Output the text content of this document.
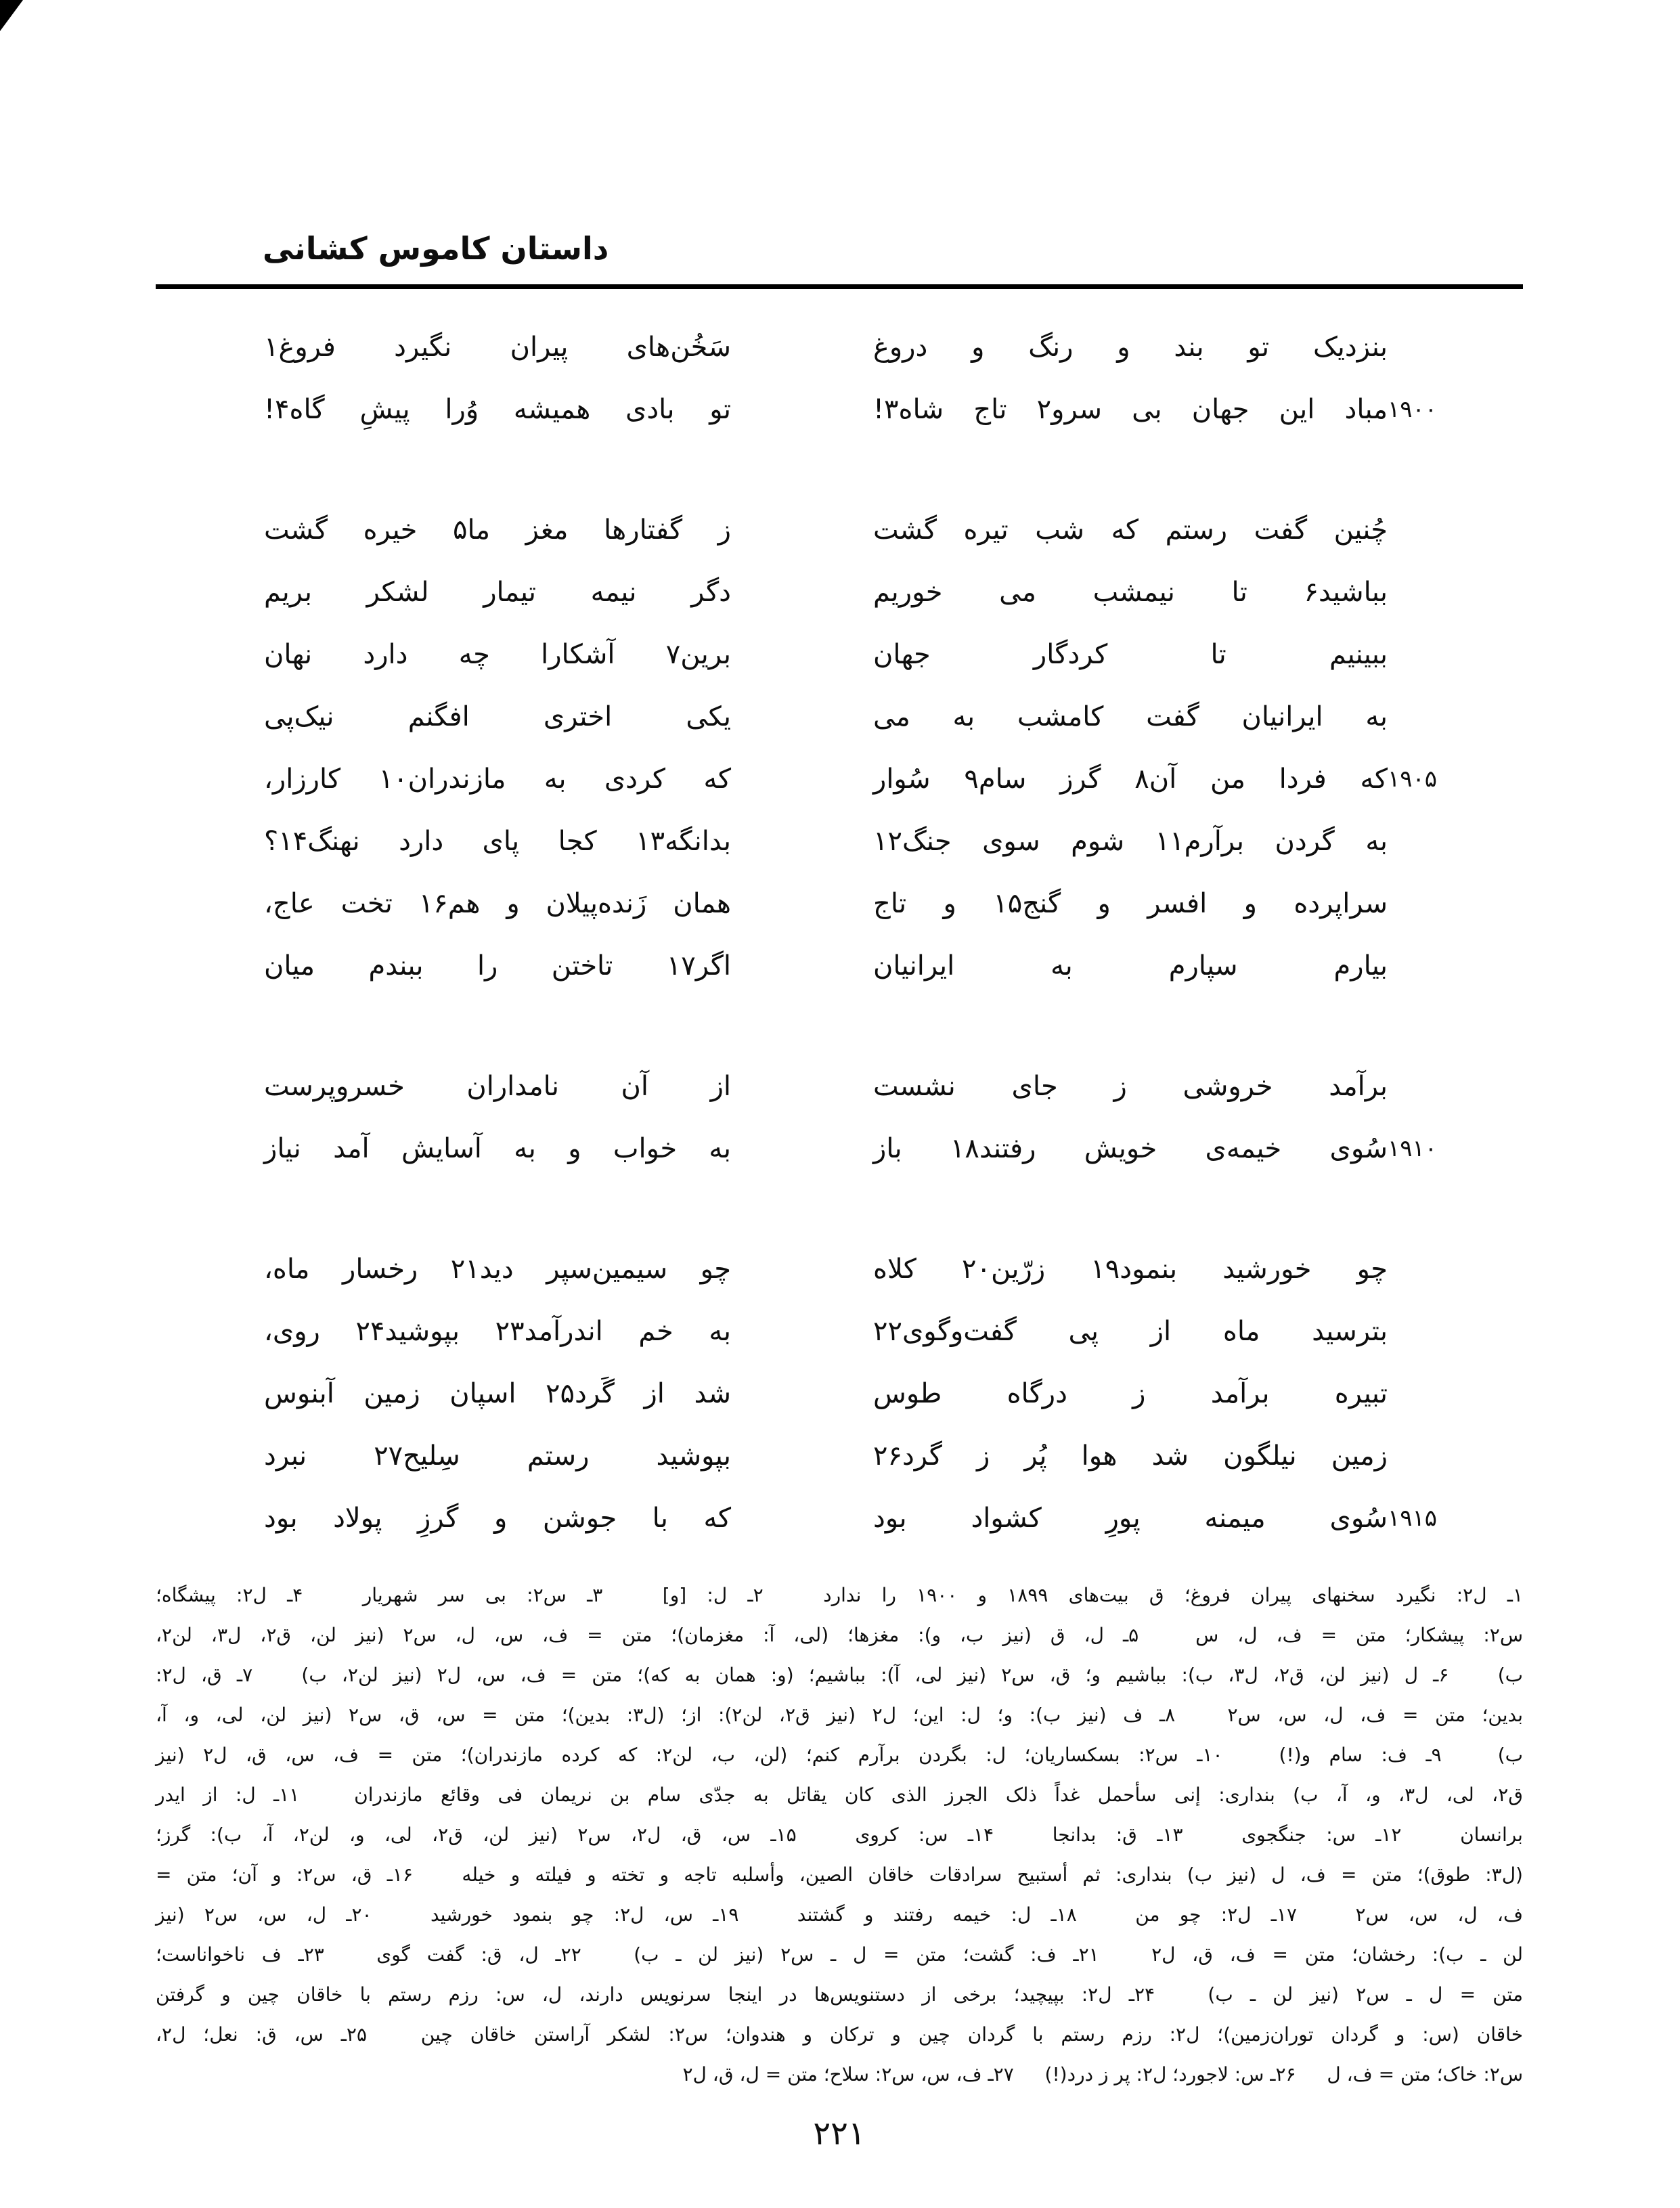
داستان کاموس کشانی
بنزدیک تو بند و رنگ و دروغ
سَخُن‌های پیران نگیرد فروغ۱
۱۹۰۰
مباد این جهان بی سرو۲ تاج شاه۳!
تو بادی همیشه وُرا پیشِ گاه۴!
چُنین گفت رستم که شب تیره گشت
ز گفتارها مغز ما۵ خیره گشت
بباشید۶ تا نیمشب می خوریم
دگر نیمه تیمار لشکر بریم
ببینیم تا کردگار جهان
برین۷ آشکارا چه دارد نهان
به ایرانیان گفت کامشب به می
یکی اختری افگنم نیک‌پی
۱۹۰۵
که فردا من آن۸ گرز سام۹ سُوار
که کردی به مازندران۱۰ کارزار،
به گردن برآرم۱۱ شوم سوی جنگ۱۲
بدانگه۱۳ کجا پای دارد نهنگ۱۴؟
سراپرده و افسر و گنج۱۵ و تاج
همان زَنده‌پیلان و هم۱۶ تخت عاج،
بیارم سپارم به ایرانیان
اگر۱۷ تاختن را ببندم میان
برآمد خروشی ز جای نشست
از آن نامداران خسروپرست
۱۹۱۰
سُوی خیمه‌ی خویش رفتند۱۸ باز
به خواب و به آسایش آمد نیاز
چو خورشید بنمود۱۹ زرّین۲۰ کلاه
چو سیمین‌سپر دید۲۱ رخسار ماه،
بترسید ماه از پی گفت‌وگوی۲۲
به خم اندرآمد۲۳ بپوشید۲۴ روی،
تبیره برآمد ز درگاه طوس
شد از گَرد۲۵ اسپان زمین آبنوس
زمین نیلگون شد هوا پُر ز گرد۲۶
بپوشید رستم سِلیح۲۷ نبرد
۱۹۱۵
سُوی میمنه پورِ کشواد بود
که با جوشن و گرزِ پولاد بود
۱ـ ل۲: نگیرد سخنهای پیران فروغ؛ ق بیت‌های ۱۸۹۹ و ۱۹۰۰ را ندارد   ۲ـ ل: [و]   ۳ـ س۲: بی سر شهریار   ۴ـ ل۲: پیشگاه؛
س۲: پیشکار؛ متن = ف، ل، س   ۵ـ ل، ق (نیز ب، و): مغزها؛ (لی، آ: مغزمان)؛ متن = ف، س، ل، س۲ (نیز لن، ق۲، ل۳، لن۲،
ب)   ۶ـ ل (نیز لن، ق۲، ل۳، ب): بباشیم و؛ ق، س۲ (نیز لی، آ): بباشیم؛ (و: همان به که)؛ متن = ف، س، ل۲ (نیز لن۲، ب)   ۷ـ ق، ل۲:
بدین؛ متن = ف، ل، س، س۲   ۸ـ ف (نیز ب): و؛ ل: این؛ ل۲ (نیز ق۲، لن۲): از؛ (ل۳: بدین)؛ متن = س، ق، س۲ (نیز لن، لی، و، آ،
ب)   ۹ـ ف: سام و(!)   ۱۰ـ س۲: بسکساریان؛ ل: بگردن برآرم کنم؛ (لن، ب، لن۲: که کرده مازندران)؛ متن = ف، س، ق، ل۲ (نیز
ق۲، لی، ل۳، و، آ، ب) بنداری: إنی سأحمل غداً ذلک الجرز الذی کان یقاتل به جدّی سام بن نریمان فی وقائع مازندران   ۱۱ـ ل: از ایدر
برانسان   ۱۲ـ س: جنگجوی   ۱۳ـ ق: بدانجا   ۱۴ـ س: کروی   ۱۵ـ س، ق، ل۲، س۲ (نیز لن، ق۲، لی، و، لن۲، آ، ب): گرز؛
(ل۳: طوق)؛ متن = ف، ل (نیز ب) بنداری: ثم أستبیح سرادقات خاقان الصین، وأسلبه تاجه و تخته و فیلته و خیله   ۱۶ـ ق، س۲: و آن؛ متن =
ف، ل، س، س۲   ۱۷ـ ل۲: چو من   ۱۸ـ ل: خیمه رفتند و گشتند   ۱۹ـ س، ل۲: چو بنمود خورشید   ۲۰ـ ل، س، س۲ (نیز
لن ـ ب): رخشان؛ متن = ف، ق، ل۲   ۲۱ـ ف: گشت؛ متن = ل ـ س۲ (نیز لن ـ ب)   ۲۲ـ ل، ق: گفت گوی   ۲۳ـ ف ناخواناست؛
متن = ل ـ س۲ (نیز لن ـ ب)   ۲۴ـ ل۲: بپیچید؛ برخی از دستنویس‌ها در اینجا سرنویس دارند، ل، س: رزم رستم با خاقان چین و گرفتن
خاقان (س: و گردان توران‌زمین)؛ ل۲: رزم رستم با گردان چین و ترکان و هندوان؛ س۲: لشکر آراستن خاقان چین   ۲۵ـ س، ق: نعل؛ ل۲،
س۲: خاک؛ متن = ف، ل   ۲۶ـ س: لاجورد؛ ل۲: پر ز درد(!)   ۲۷ـ ف، س، س۲: سلاح؛ متن = ل، ق، ل۲
۲۲۱
